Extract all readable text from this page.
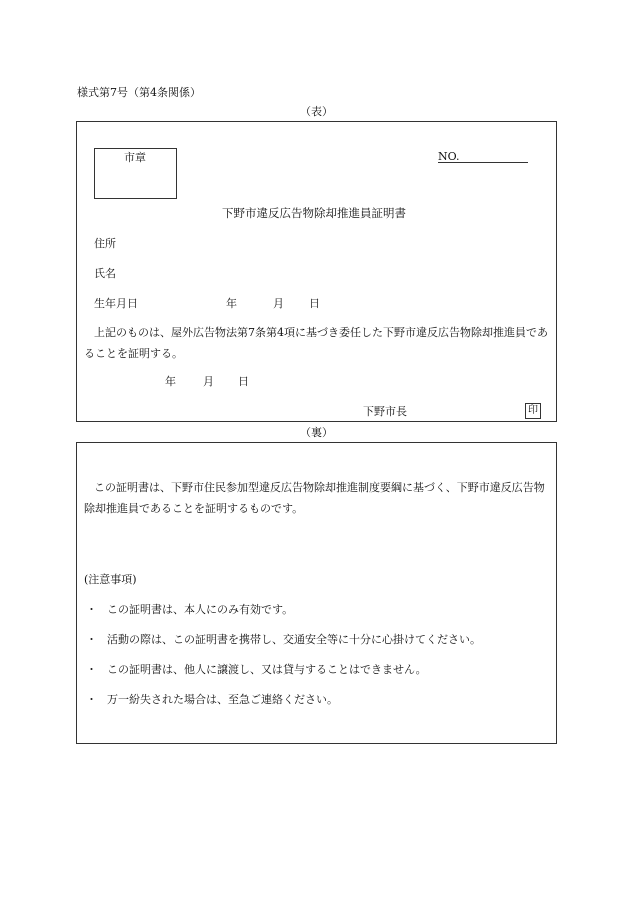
様式第7号（第4条関係）
（表）
市章	NO.
下野市違反広告物除却推進員証明書
住所
氏名
生年月日	年	月 日
上記のものは、屋外広告物法第7条第4項に基づき委任した下野市違反広告物除却推進員であることを証明する。
年 月 日
下野市長	印
（裏）
この証明書は、下野市住民参加型違反広告物除却推進制度要綱に基づく、下野市違反広告物除却推進員であることを証明するものです。
(注意事項)
・ この証明書は、本人にのみ有効です。
・ 活動の際は、この証明書を携帯し、交通安全等に十分に心掛けてください。
・ この証明書は、他人に譲渡し、又は貸与することはできません。
・ 万一紛失された場合は、至急ご連絡ください。
